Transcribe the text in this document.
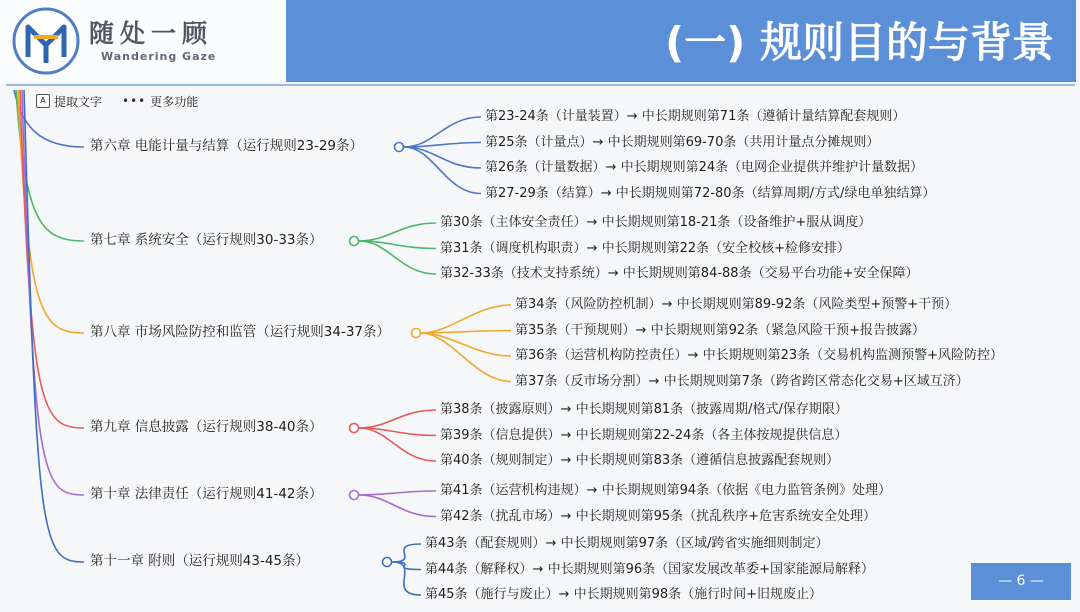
随处一顾
Wandering Gaze	(一) 规则目的与背景
第六章 电能计量与结算（运行规则23-29条）
第23-24条（计量装置）→ 中长期规则第71条（遵循计量结算配套规则）
第25条（计量点）→ 中长期规则第69-70条（共用计量点分摊规则）
第26条（计量数据）→ 中长期规则第24条（电网企业提供并维护计量数据）
第27-29条（结算）→ 中长期规则第72-80条（结算周期/方式/绿电单独结算）
第七章 系统安全（运行规则30-33条）
第30条（主体安全责任）→ 中长期规则第18-21条（设备维护+服从调度）
第31条（调度机构职责）→ 中长期规则第22条（安全校核+检修安排）
第32-33条（技术支持系统）→ 中长期规则第84-88条（交易平台功能+安全保障）
第八章 市场风险防控和监管（运行规则34-37条）
第34条（风险防控机制）→ 中长期规则第89-92条（风险类型+预警+干预）
第35条（干预规则）→ 中长期规则第92条（紧急风险干预+报告披露）
第36条（运营机构防控责任）→ 中长期规则第23条（交易机构监测预警+风险防控）
第37条（反市场分割）→ 中长期规则第7条（跨省跨区常态化交易+区域互济）
第九章 信息披露（运行规则38-40条）
第38条（披露原则）→ 中长期规则第81条（披露周期/格式/保存期限）
第39条（信息提供）→ 中长期规则第22-24条（各主体按规提供信息）
第40条（规则制定）→ 中长期规则第83条（遵循信息披露配套规则）
第十章 法律责任（运行规则41-42条）	第41条（运营机构违规）→ 中长期规则第94条（依据《电力监管条例》处理）
第42条（扰乱市场）→ 中长期规则第95条（扰乱秩序+危害系统安全处理）
第十一章 附则（运行规则43-45条）
第43条（配套规则）→ 中长期规则第97条（区域/跨省实施细则制定）
第44条（解释权）→ 中长期规则第96条（国家发展改革委+国家能源局解释）
第45条（施行与废止）→ 中长期规则第98条（施行时间+旧规废止）
A 提取文字 ••• 更多功能
— 6 —
